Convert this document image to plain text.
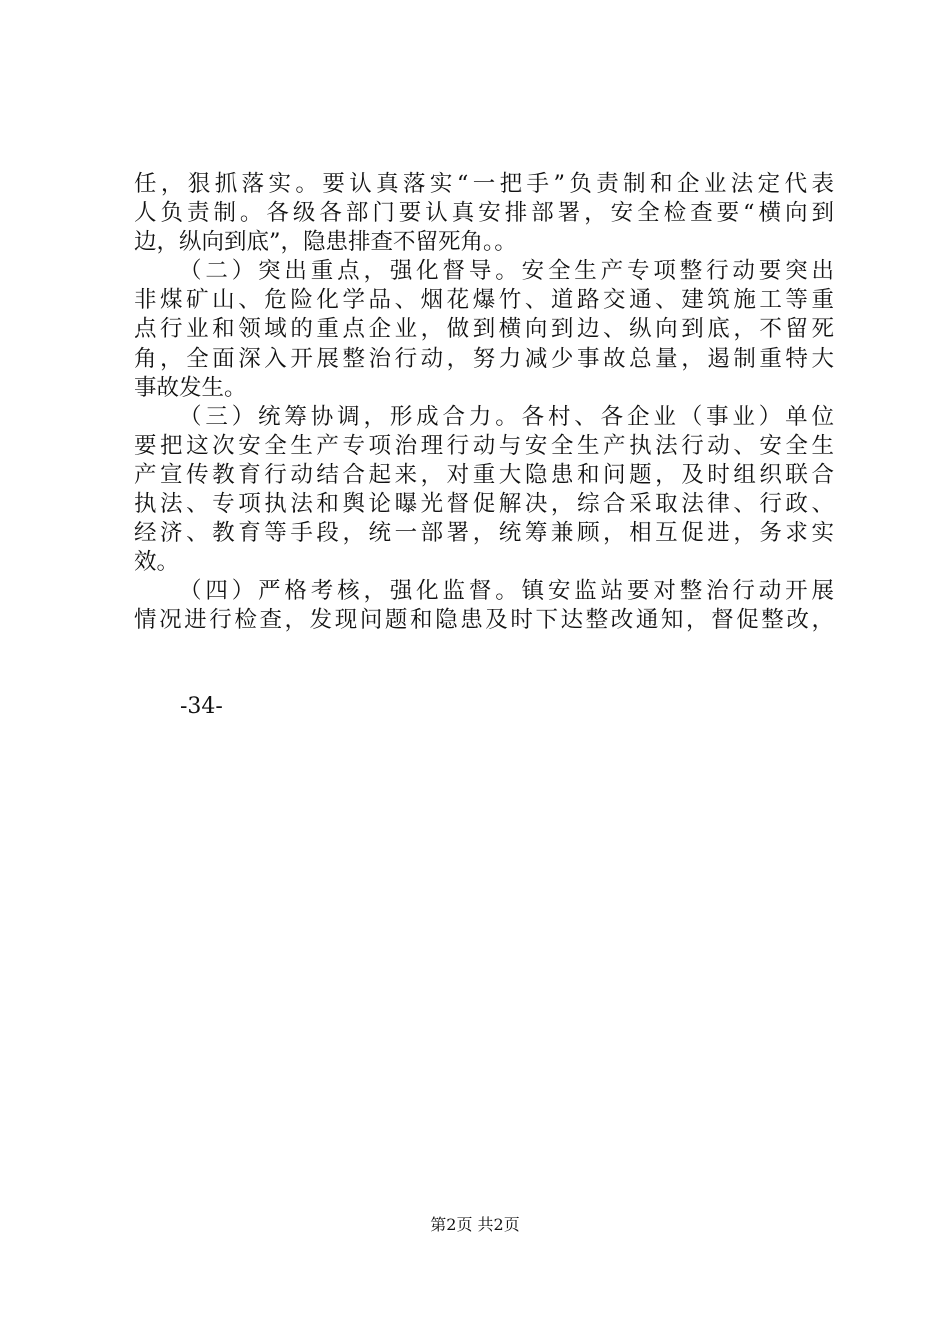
任，狠抓落实。要认真落实“一把手”负责制和企业法定代表
人负责制。各级各部门要认真安排部署，安全检查要“横向到
边，纵向到底”，隐患排查不留死角。。
（二）突出重点，强化督导。安全生产专项整行动要突出
非煤矿山、危险化学品、烟花爆竹、道路交通、建筑施工等重
点行业和领域的重点企业，做到横向到边、纵向到底，不留死
角，全面深入开展整治行动，努力减少事故总量，遏制重特大
事故发生。
（三）统筹协调，形成合力。各村、各企业（事业）单位
要把这次安全生产专项治理行动与安全生产执法行动、安全生
产宣传教育行动结合起来，对重大隐患和问题，及时组织联合
执法、专项执法和舆论曝光督促解决，综合采取法律、行政、
经济、教育等手段，统一部署，统筹兼顾，相互促进，务求实
效。
（四）严格考核，强化监督。镇安监站要对整治行动开展
情况进行检查，发现问题和隐患及时下达整改通知，督促整改，
-34-
第2页 共2页
